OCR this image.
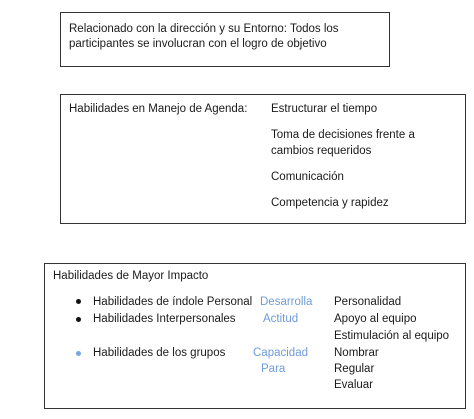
Relacionado con la dirección y su Entorno: Todos los
participantes se involucran con el logro de objetivo
Habilidades en Manejo de Agenda: Estructurar el tiempo
Toma de decisiones frente a
cambios requeridos
Comunicación
Competencia y rapidez
Habilidades de Mayor Impacto
Habilidades de índole Personal Desarrolla Personalidad
Habilidades Interpersonales Actitud	Apoyo al equipo
Estimulación al equipo
Habilidades de los grupos Capacidad
Para
Nombrar
Regular
Evaluar
